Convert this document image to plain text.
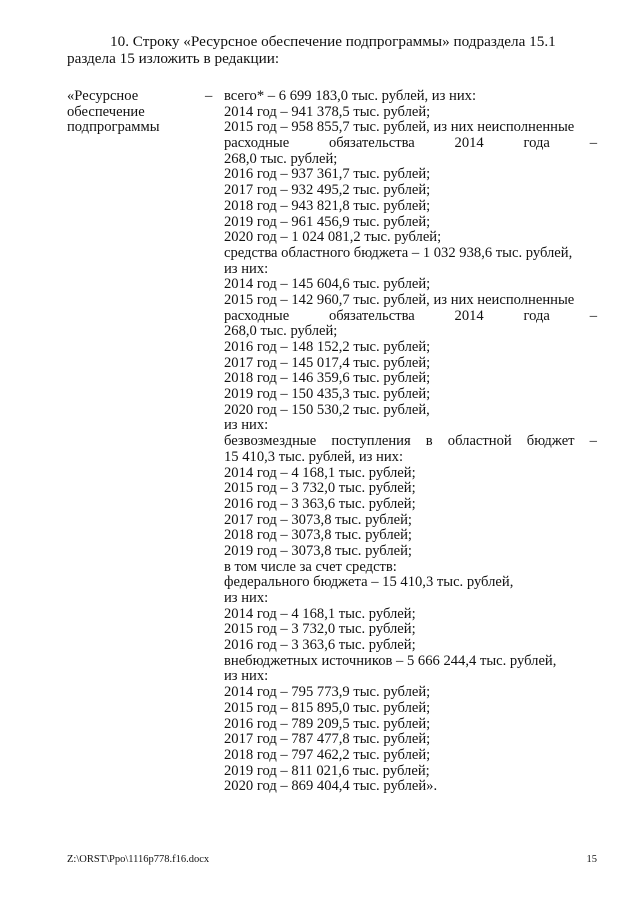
10. Строку «Ресурсное обеспечение подпрограммы» подраздела 15.1
раздела 15 изложить в редакции:
«Ресурсное	–
обеспечение
подпрограммы
всего* – 6 699 183,0 тыс. рублей, из них:
2014 год – 941 378,5 тыс. рублей;
2015 год – 958 855,7 тыс. рублей, из них неисполненные
расходные	обязательства	2014	года	–
268,0 тыс. рублей;
2016 год – 937 361,7 тыс. рублей;
2017 год – 932 495,2 тыс. рублей;
2018 год – 943 821,8 тыс. рублей;
2019 год – 961 456,9 тыс. рублей;
2020 год – 1 024 081,2 тыс. рублей;
средства областного бюджета – 1 032 938,6 тыс. рублей,
из них:
2014 год – 145 604,6 тыс. рублей;
2015 год – 142 960,7 тыс. рублей, из них неисполненные
расходные	обязательства	2014	года	–
268,0 тыс. рублей;
2016 год – 148 152,2 тыс. рублей;
2017 год – 145 017,4 тыс. рублей;
2018 год – 146 359,6 тыс. рублей;
2019 год – 150 435,3 тыс. рублей;
2020 год – 150 530,2 тыс. рублей,
из них:
безвозмездные поступления в областной бюджет –
15 410,3 тыс. рублей, из них:
2014 год – 4 168,1 тыс. рублей;
2015 год – 3 732,0 тыс. рублей;
2016 год – 3 363,6 тыс. рублей;
2017 год – 3073,8 тыс. рублей;
2018 год – 3073,8 тыс. рублей;
2019 год – 3073,8 тыс. рублей;
в том числе за счет средств:
федерального бюджета – 15 410,3 тыс. рублей,
из них:
2014 год – 4 168,1 тыс. рублей;
2015 год – 3 732,0 тыс. рублей;
2016 год – 3 363,6 тыс. рублей;
внебюджетных источников – 5 666 244,4 тыс. рублей,
из них:
2014 год – 795 773,9 тыс. рублей;
2015 год – 815 895,0 тыс. рублей;
2016 год – 789 209,5 тыс. рублей;
2017 год – 787 477,8 тыс. рублей;
2018 год – 797 462,2 тыс. рублей;
2019 год – 811 021,6 тыс. рублей;
2020 год – 869 404,4 тыс. рублей».
Z:\ORST\Ppo\1116p778.f16.docx	15
